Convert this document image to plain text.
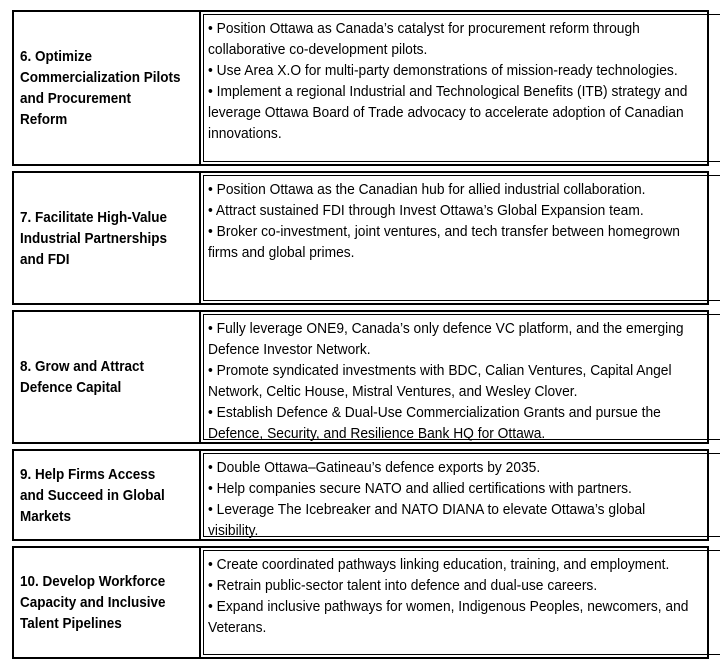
6. Optimize Commercialization Pilots and Procurement Reform
• Position Ottawa as Canada’s catalyst for procurement reform through collaborative co-development pilots.
• Use Area X.O for multi-party demonstrations of mission-ready technologies.
• Implement a regional Industrial and Technological Benefits (ITB) strategy and leverage Ottawa Board of Trade advocacy to accelerate adoption of Canadian innovations.
7. Facilitate High-Value Industrial Partnerships and FDI
• Position Ottawa as the Canadian hub for allied industrial collaboration.
• Attract sustained FDI through Invest Ottawa’s Global Expansion team.
• Broker co-investment, joint ventures, and tech transfer between homegrown firms and global primes.
8. Grow and Attract Defence Capital
• Fully leverage ONE9, Canada’s only defence VC platform, and the emerging Defence Investor Network.
• Promote syndicated investments with BDC, Calian Ventures, Capital Angel Network, Celtic House, Mistral Ventures, and Wesley Clover.
• Establish Defence & Dual-Use Commercialization Grants and pursue the Defence, Security, and Resilience Bank HQ for Ottawa.
9. Help Firms Access and Succeed in Global Markets
• Double Ottawa–Gatineau’s defence exports by 2035.
• Help companies secure NATO and allied certifications with partners.
• Leverage The Icebreaker and NATO DIANA to elevate Ottawa’s global visibility.
10. Develop Workforce Capacity and Inclusive Talent Pipelines
• Create coordinated pathways linking education, training, and employment.
• Retrain public-sector talent into defence and dual-use careers.
• Expand inclusive pathways for women, Indigenous Peoples, newcomers, and Veterans.
